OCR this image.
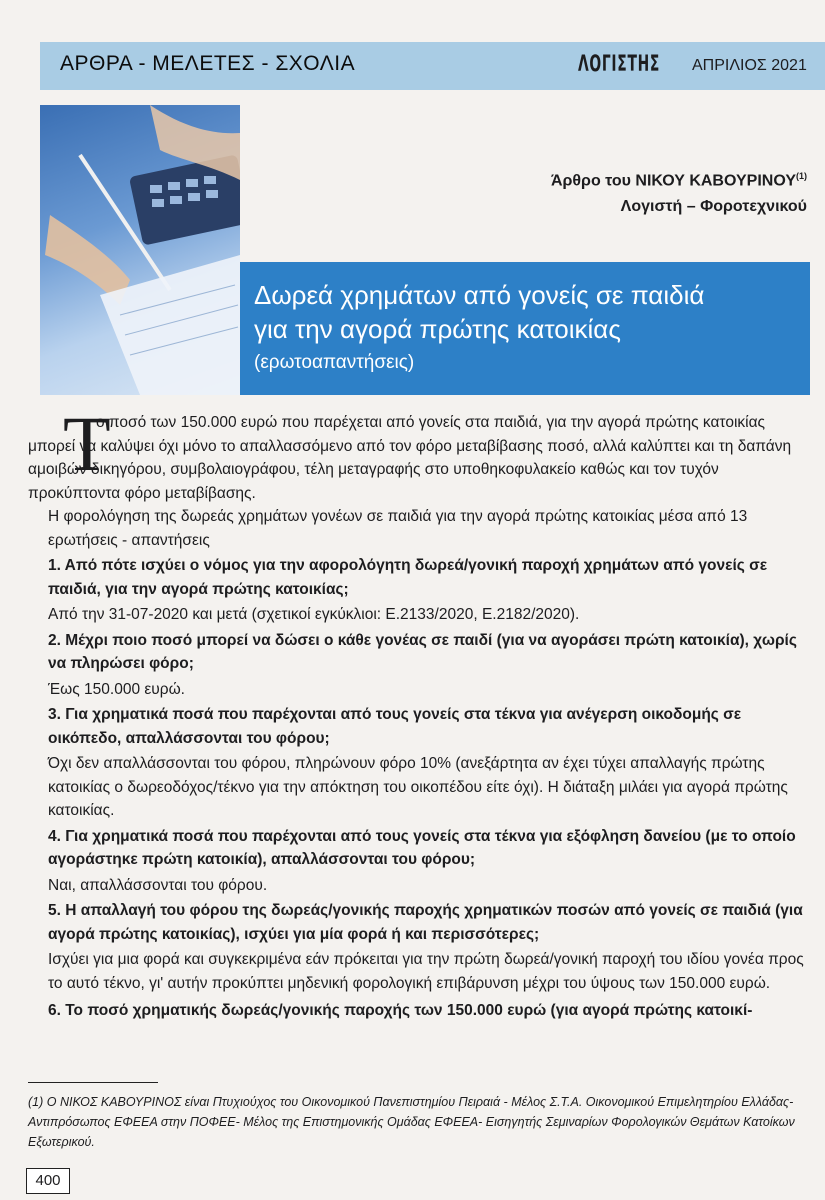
ΑΡΘΡΑ - ΜΕΛΕΤΕΣ - ΣΧΟΛΙΑ	ΛΟΓΙΣΤΗΣ ΑΠΡΙΛΙΟΣ 2021
Άρθρο του ΝΙΚΟΥ ΚΑΒΟΥΡΙΝΟΥ$^{(1)}$
Λογιστή – Φοροτεχνικού
Δωρεά χρημάτων από γονείς σε παιδιά
για την αγορά πρώτης κατοικίας
(ερωτοαπαντήσεις)
Τ

ο ποσό των 150.000 ευρώ που παρέχεται από γονείς στα παιδιά, για την αγορά πρώτης κατοικίας μπορεί να καλύψει όχι μόνο το απαλλασσόμενο από τον φόρο μεταβίβασης ποσό, αλλά καλύπτει και τη δαπάνη αμοιβών δικηγόρου, συμβολαιογράφου, τέλη μεταγραφής στο υποθηκοφυλακείο καθώς και τον τυχόν προκύπτοντα φόρο μεταβίβασης.

Η φορολόγηση της δωρεάς χρημάτων γονέων σε παιδιά για την αγορά πρώτης κατοικίας μέσα από 13 ερωτήσεις - απαντήσεις

1. Από πότε ισχύει ο νόμος για την αφορολόγητη δωρεά/γονική παροχή χρημάτων από γονείς σε παιδιά, για την αγορά πρώτης κατοικίας;

Από την 31-07-2020 και μετά (σχετικοί εγκύκλιοι: Ε.2133/2020, Ε.2182/2020).

2. Μέχρι ποιο ποσό μπορεί να δώσει ο κάθε γονέας σε παιδί (για να αγοράσει πρώτη κατοικία), χωρίς να πληρώσει φόρο;

Έως 150.000 ευρώ.

3. Για χρηματικά ποσά που παρέχονται από τους γονείς στα τέκνα για ανέγερση οικοδομής σε οικόπεδο, απαλλάσσονται του φόρου;

Όχι δεν απαλλάσσονται του φόρου, πληρώνουν φόρο 10% (ανεξάρτητα αν έχει τύχει απαλλαγής πρώτης κατοικίας ο δωρεοδόχος/τέκνο για την απόκτηση του οικοπέδου είτε όχι). Η διάταξη μιλάει για αγορά πρώτης κατοικίας.

4. Για χρηματικά ποσά που παρέχονται από τους γονείς στα τέκνα για εξόφληση δανείου (με το οποίο αγοράστηκε πρώτη κατοικία), απαλλάσσονται του φόρου;

Ναι, απαλλάσσονται του φόρου.

5. Η απαλλαγή του φόρου της δωρεάς/γονικής παροχής χρηματικών ποσών από γονείς σε παιδιά (για αγορά πρώτης κατοικίας), ισχύει για μία φορά ή και περισσότερες;

Ισχύει για μια φορά και συγκεκριμένα εάν πρόκειται για την πρώτη δωρεά/γονική παροχή του ιδίου γονέα προς το αυτό τέκνο, γι' αυτήν προκύπτει μηδενική φορολογική επιβάρυνση μέχρι του ύψους των 150.000 ευρώ.

6. Το ποσό χρηματικής δωρεάς/γονικής παροχής των 150.000 ευρώ (για αγορά πρώτης κατοικί-

(1) Ο ΝΙΚΟΣ ΚΑΒΟΥΡΙΝΟΣ είναι Πτυχιούχος του Οικονομικού Πανεπιστημίου Πειραιά - Μέλος Σ.Τ.Α. Οικονομικού Επιμελητηρίου Ελλάδας- Αντιπρόσωπος ΕΦΕΕΑ στην ΠΟΦΕΕ- Μέλος της Επιστημονικής Ομάδας ΕΦΕΕΑ- Εισηγητής Σεμιναρίων Φορολογικών Θεμάτων Κατοίκων Εξωτερικού.
400
